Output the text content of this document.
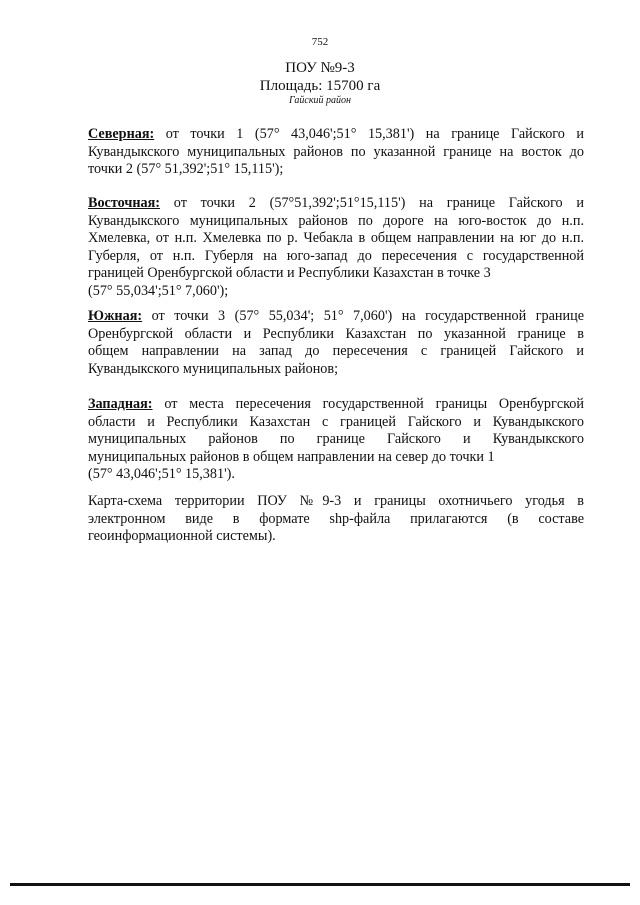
752
ПОУ №9-3
Площадь: 15700 га
Гайский район
Северная: от точки 1 (57° 43,046';51° 15,381') на границе Гайского и
Кувандыкского муниципальных районов по указанной границе на восток до
точки 2 (57° 51,392';51° 15,115');
Восточная: от точки 2 (57°51,392';51°15,115') на границе Гайского и
Кувандыкского муниципальных районов по дороге на юго-восток до н.п.
Хмелевка, от н.п. Хмелевка по р. Чебакла в общем направлении на юг до н.п.
Губерля, от н.п. Губерля на юго-запад до пересечения с государственной
границей Оренбургской области и Республики Казахстан в точке 3
(57° 55,034';51° 7,060');
Южная: от точки 3 (57° 55,034'; 51° 7,060') на государственной границе
Оренбургской области и Республики Казахстан по указанной границе в
общем направлении на запад до пересечения с границей Гайского и
Кувандыкского муниципальных районов;
Западная: от места пересечения государственной границы Оренбургской
области и Республики Казахстан с границей Гайского и Кувандыкского
муниципальных районов по границе Гайского и Кувандыкского
муниципальных районов в общем направлении на север до точки 1
(57° 43,046';51° 15,381').
Карта-схема территории ПОУ №9-3 и границы охотничьего угодья в
электронном виде в формате shp-файла прилагаются (в составе
геоинформационной системы).
